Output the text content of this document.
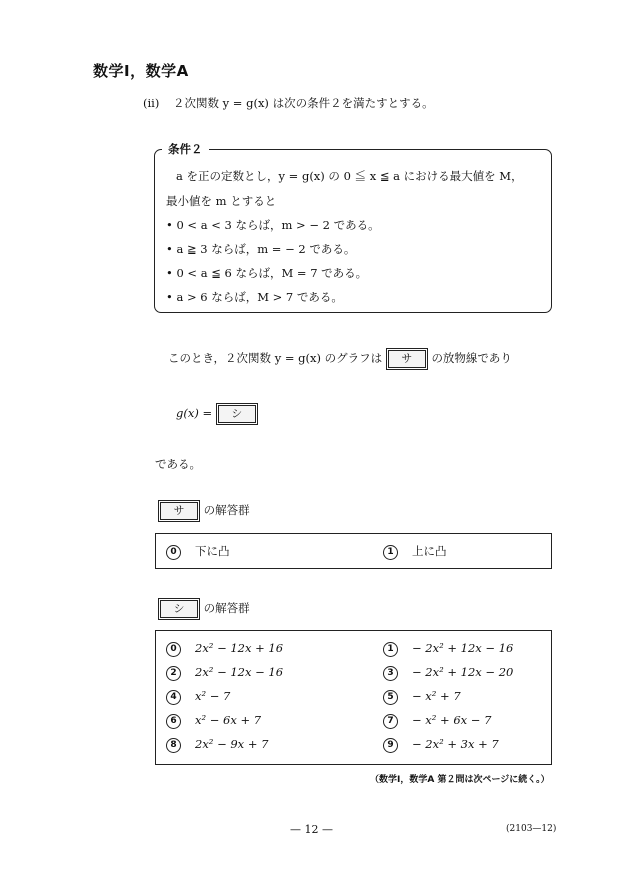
数学Ⅰ，数学A
(ii) ２次関数 y = g(x) は次の条件２を満たすとする。
条件２
a を正の定数とし，y = g(x) の 0 ≦ x ≦ a における最大値を M，
最小値を m とすると
• 0 < a < 3 ならば，m > − 2 である。
• a ≧ 3 ならば，m = − 2 である。
• 0 < a ≦ 6 ならば，M = 7 である。
• a > 6 ならば，M > 7 である。
このとき，２次関数 y = g(x) のグラフは サ の放物線であり
g(x) = シ
である。
サ の解答群
0 下に凸	1 上に凸
シ の解答群
0 2x² − 12x + 16	1 − 2x² + 12x − 16
2 2x² − 12x − 16	3 − 2x² + 12x − 20
4 x² − 7	5 − x² + 7
6 x² − 6x + 7	7 − x² + 6x − 7
8 2x² − 9x + 7	9 − 2x² + 3x + 7
（数学Ⅰ，数学A 第２問は次ページに続く。）
— 12 —	(2103—12)
